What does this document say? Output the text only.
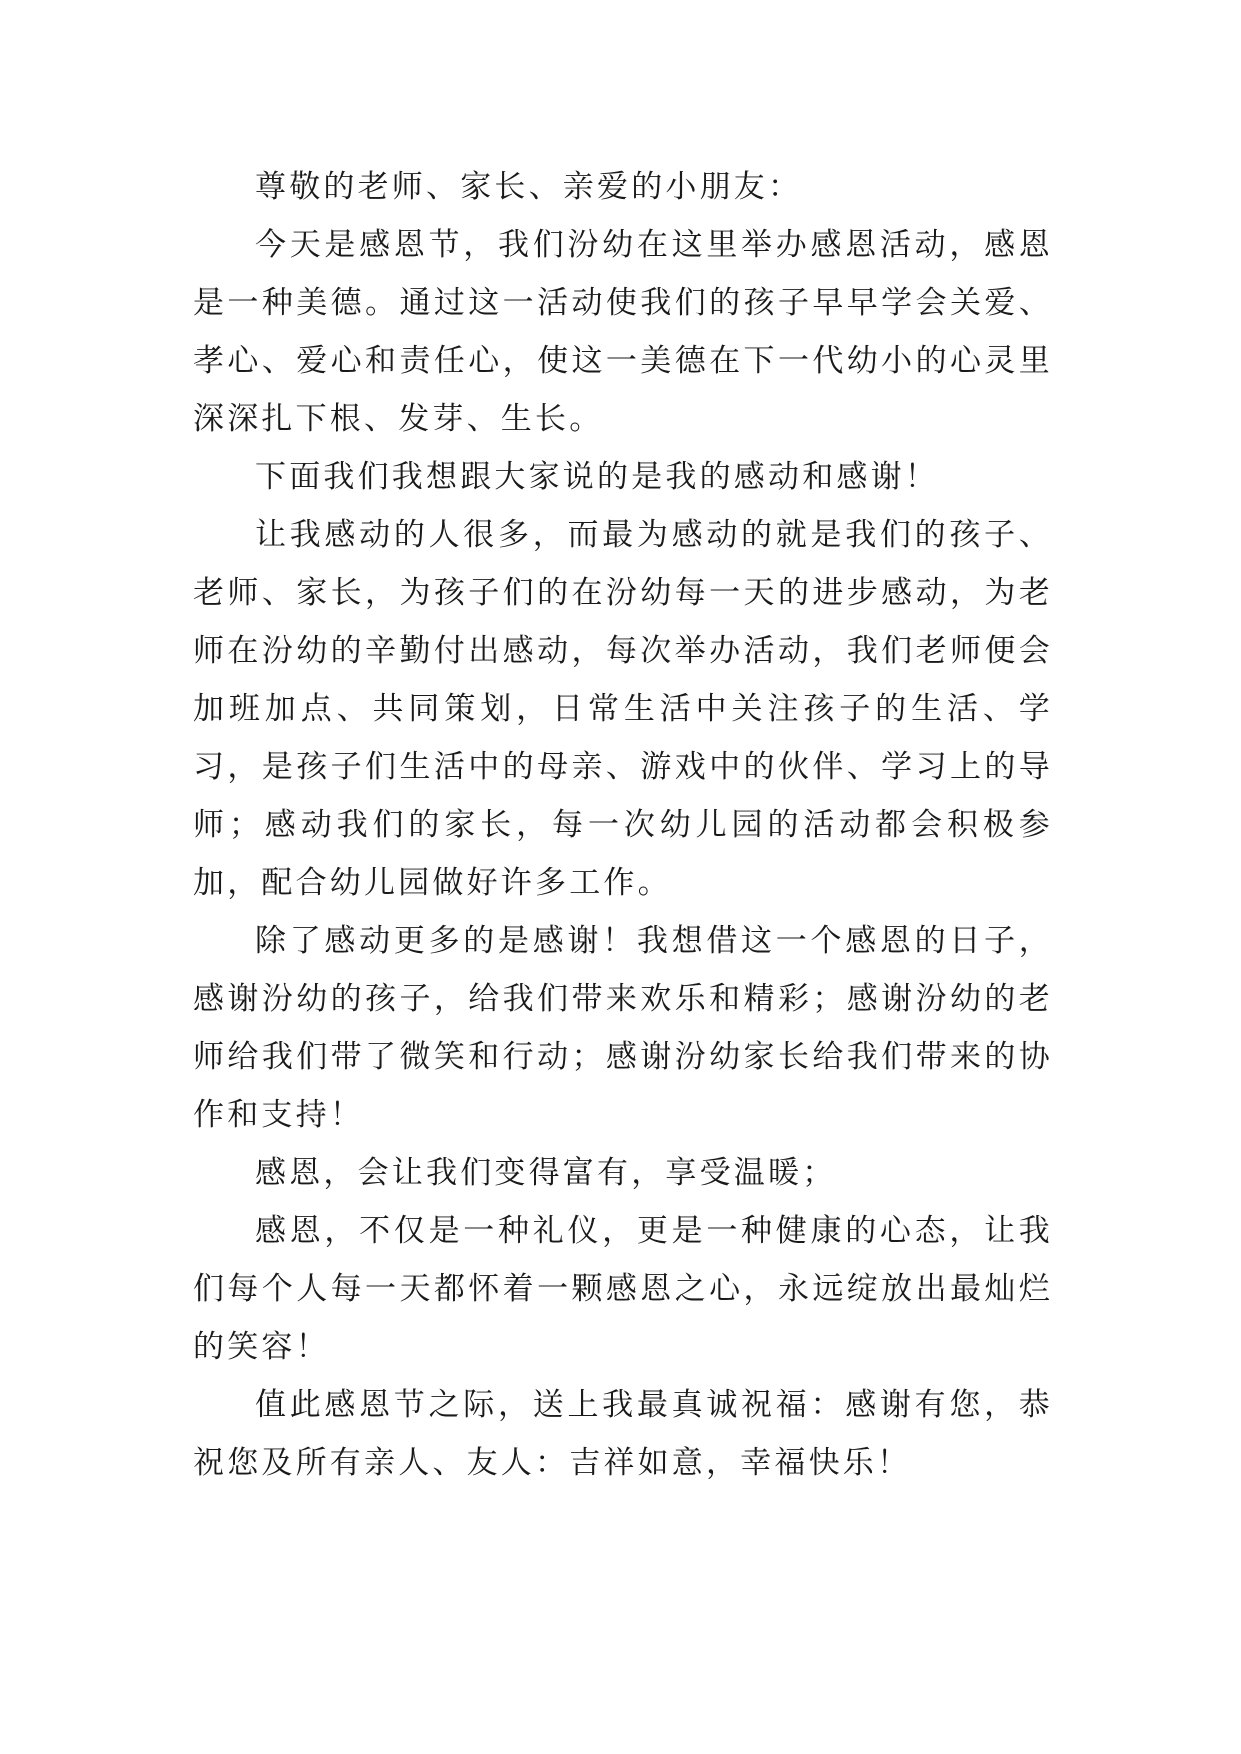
尊敬的老师、家长、亲爱的小朋友：

今天是感恩节，我们汾幼在这里举办感恩活动，感恩是一种美德。通过这一活动使我们的孩子早早学会关爱、孝心、爱心和责任心，使这一美德在下一代幼小的心灵里深深扎下根、发芽、生长。

下面我们我想跟大家说的是我的感动和感谢！

让我感动的人很多，而最为感动的就是我们的孩子、老师、家长，为孩子们的在汾幼每一天的进步感动，为老师在汾幼的辛勤付出感动，每次举办活动，我们老师便会加班加点、共同策划，日常生活中关注孩子的生活、学习，是孩子们生活中的母亲、游戏中的伙伴、学习上的导师；感动我们的家长，每一次幼儿园的活动都会积极参加，配合幼儿园做好许多工作。

除了感动更多的是感谢！我想借这一个感恩的日子，感谢汾幼的孩子，给我们带来欢乐和精彩；感谢汾幼的老师给我们带了微笑和行动；感谢汾幼家长给我们带来的协作和支持！

感恩，会让我们变得富有，享受温暖；

感恩，不仅是一种礼仪，更是一种健康的心态，让我们每个人每一天都怀着一颗感恩之心，永远绽放出最灿烂的笑容！

值此感恩节之际，送上我最真诚祝福：感谢有您，恭祝您及所有亲人、友人：吉祥如意，幸福快乐！
